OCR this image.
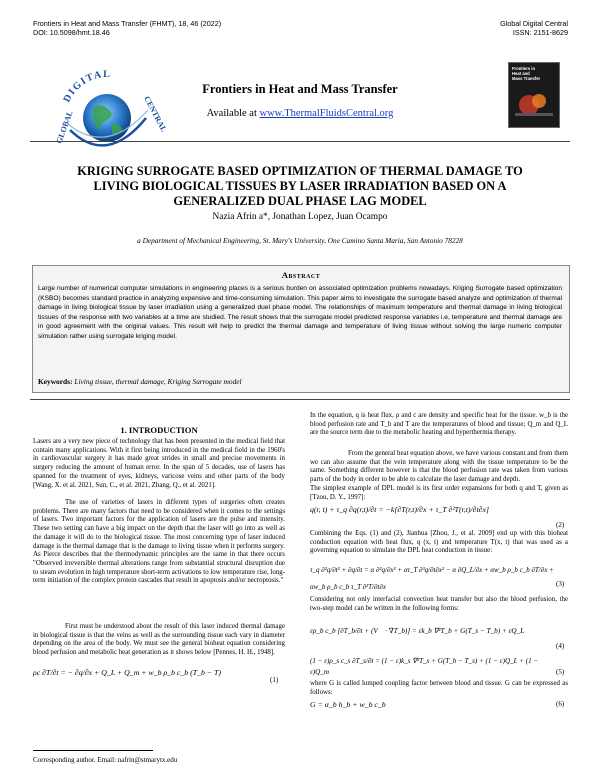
Frontiers in Heat and Mass Transfer (FHMT), 18, 46 (2022)
DOI: 10.5098/hmt.18.46
Global Digital Central
ISSN: 2151-8629
DIGITAL
GLOBAL	CENTRAL
Frontiers in Heat and Mass Transfer
Available at www.ThermalFluidsCentral.org
Frontiers in
Heat and
Mass Transfer
KRIGING SURROGATE BASED OPTIMIZATION OF THERMAL DAMAGE TO
LIVING BIOLOGICAL TISSUES BY LASER IRRADIATION BASED ON A
GENERALIZED DUAL PHASE LAG MODEL
Nazia Afrin a*, Jonathan Lopez, Juan Ocampo
a Department of Mechanical Engineering, St. Mary's University, One Camino Santa Maria, San Antonio 78228
Abstract
Large number of numerical computer simulations in engineering places is a serious burden on associated optimization problems nowadays. Kriging Surrogate based optimization (KSBO) becomes standard practice in analyzing expensive and time-consuming simulation. This paper aims to investigate the surrogate based analyze and optimization of thermal damage in living biological tissue by laser irradiation using a generalized duel phase model. The relationships of maximum temperature and thermal damage in living biological tissues of the response with two variables at a time are studied. The result shows that the surrogate model predicted response variables i.e, temperature and thermal damage are in good agreement with the original values. This result will help to predict the thermal damage and temperature of living tissue without solving the large numeric computer simulation rather using surrogate kriging model.
Keywords: Living tissue, thermal damage, Kriging Surrogate model
1. INTRODUCTION
Lasers are a very new piece of technology that has been presented in the medical field that contain many applications. With it first being introduced in the medical field in the 1960's in cardiovascular surgery it has made great strides in small and precise movements in surgery reducing the amount of human error. In the span of 5 decades, use of lasers has spanned for the treatment of eyes, kidneys, varicose veins and other parts of the body [Wang, X. et al. 2021, Sun, C., et al. 2021, Zhang, Q., et al. 2021].
The use of varieties of lasers in different types of surgeries often creates problems. There are many factors that need to be considered when it comes to the settings of lasers. Two important factors for the application of lasers are the pulse and intensity. These two setting can have a big impact on the depth that the laser will go into as well as the damage it will do to the biological tissue. The most concerning type of laser induced damage is the thermal damage that is the damage to living tissue when it performs surgery. As Pierce describes that the thermodynamic principles are the same in that there occurs "Observed irreversible thermal alterations range from substantial structural disruption due to steam evolution in high temperature short-term activations to low temperature rise, long-term initiation of the complex protein cascades that result in apoptosis and/or necroptosis."
First must be understood about the result of this laser induced thermal damage in biological tissue is that the veins as well as the surrounding tissue each vary in diameter depending on the area of the body. We must see the general bioheat equation considering blood perfusion and metabolic heat generation as it shows below [Pennes, H. H., 1948].
ρc ∂T/∂t = − ∂q/∂x + Q_L + Q_m + w_b ρ_b c_b (T_b − T)
(1)
In the equation, q is heat flux, ρ and c are density and specific heat for the tissue. w_b is the blood perfusion rate and T_b and T are the temperatures of blood and tissue; Q_m and Q_L are the source term due to the metabolic heating and hyperthermia therapy.
From the general heat equation above, we have various constant and from them we can also assume that the vein temperature along with the tissue temperature to be the same. Something different however is that the blood perfusion rate was taken from various parts of the body in order to be able to calculate the laser damage and depth.
The simplest example of DPL model is its first order expansions for both q and T, given as [Tzou, D. Y., 1997]:
q(r, t) + τ_q ∂q(r,t)/∂t = −k[∂T(r,t)/∂x + τ_T ∂²T(r,t)/∂t∂x]
(2)
Combining the Eqs. (1) and (2), Jianhua [Zhou, J., et al. 2009] end up with this bioheat conduction equation with heat flux, q (x, t) and temperature T(x, t) that was used as a governing equation to simulate the DPL heat conduction in tissue:
τ_q ∂²q/∂t² + ∂q/∂t = α ∂²q/∂x² + ατ_T ∂³q/∂t∂x² − α ∂Q_L/∂x + αw_b ρ_b c_b ∂T/∂x +
αw_b ρ_b c_b τ_T ∂²T/∂t∂x	(3)
Considering not only interfacial convection heat transfer but also the blood perfusion, the two-step model can be written in the following forms:
ερ_b c_b [∂T_b/∂t + (V⃗ · ∇T_b)] = εk_b ∇²T_b + G(T_s − T_b) + εQ_L
(4)
(1 − ε)ρ_s c_s ∂T_s/∂t = (1 − ε)k_s ∇²T_s + G(T_b − T_s) + (1 − ε)Q_L + (1 −
ε)Q_m	(5)
where G is called lumped coupling factor between blood and tissue. G can be expressed as follows:
G = α_b h_b + w_b c_b	(6)
Corresponding author. Email: nafrin@stmarytx.edu
